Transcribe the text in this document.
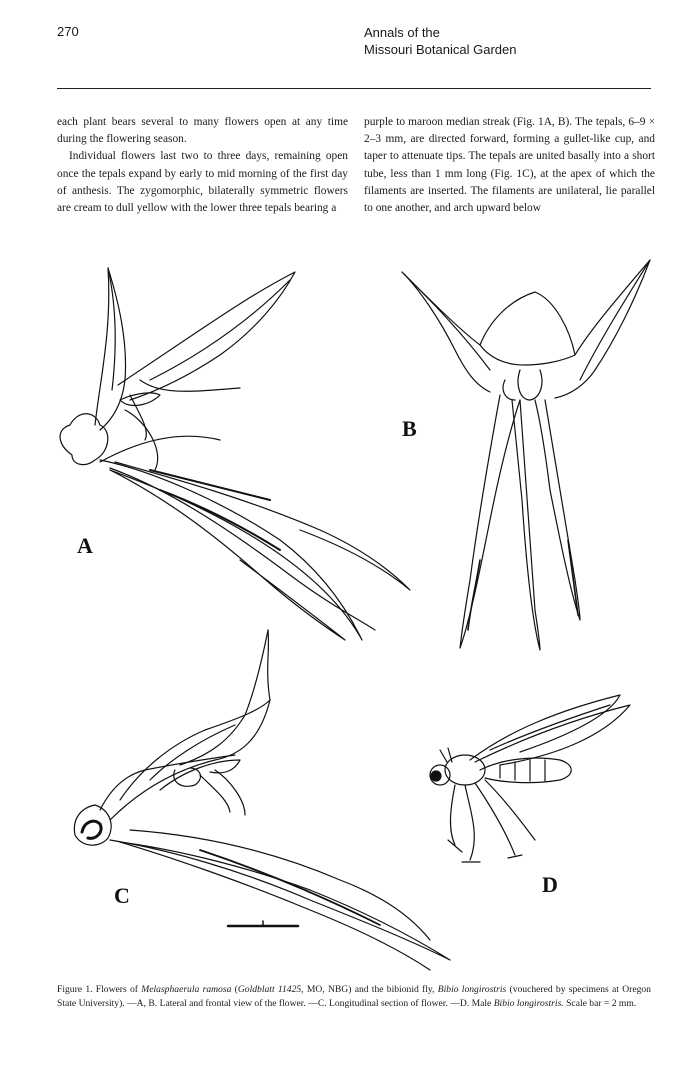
270	Annals of the
Missouri Botanical Garden

each plant bears several to many flowers open at any time during the flowering season.

Individual flowers last two to three days, remaining open once the tepals expand by early to mid morning of the first day of anthesis. The zygomorphic, bilaterally symmetric flowers are cream to dull yellow with the lower three tepals bearing a

purple to maroon median streak (Fig. 1A, B). The tepals, 6–9 × 2–3 mm, are directed forward, forming a gullet-like cup, and taper to attenuate tips. The tepals are united basally into a short tube, less than 1 mm long (Fig. 1C), at the apex of which the filaments are inserted. The filaments are unilateral, lie parallel to one another, and arch upward below

A
B
C	D
Figure 1. Flowers of Melasphaerula ramosa (Goldblatt 11425, MO, NBG) and the bibionid fly, Bibio longirostris (vouchered by specimens at Oregon State University). —A, B. Lateral and frontal view of the flower. —C. Longitudinal section of flower. —D. Male Bibio longirostris. Scale bar = 2 mm.
